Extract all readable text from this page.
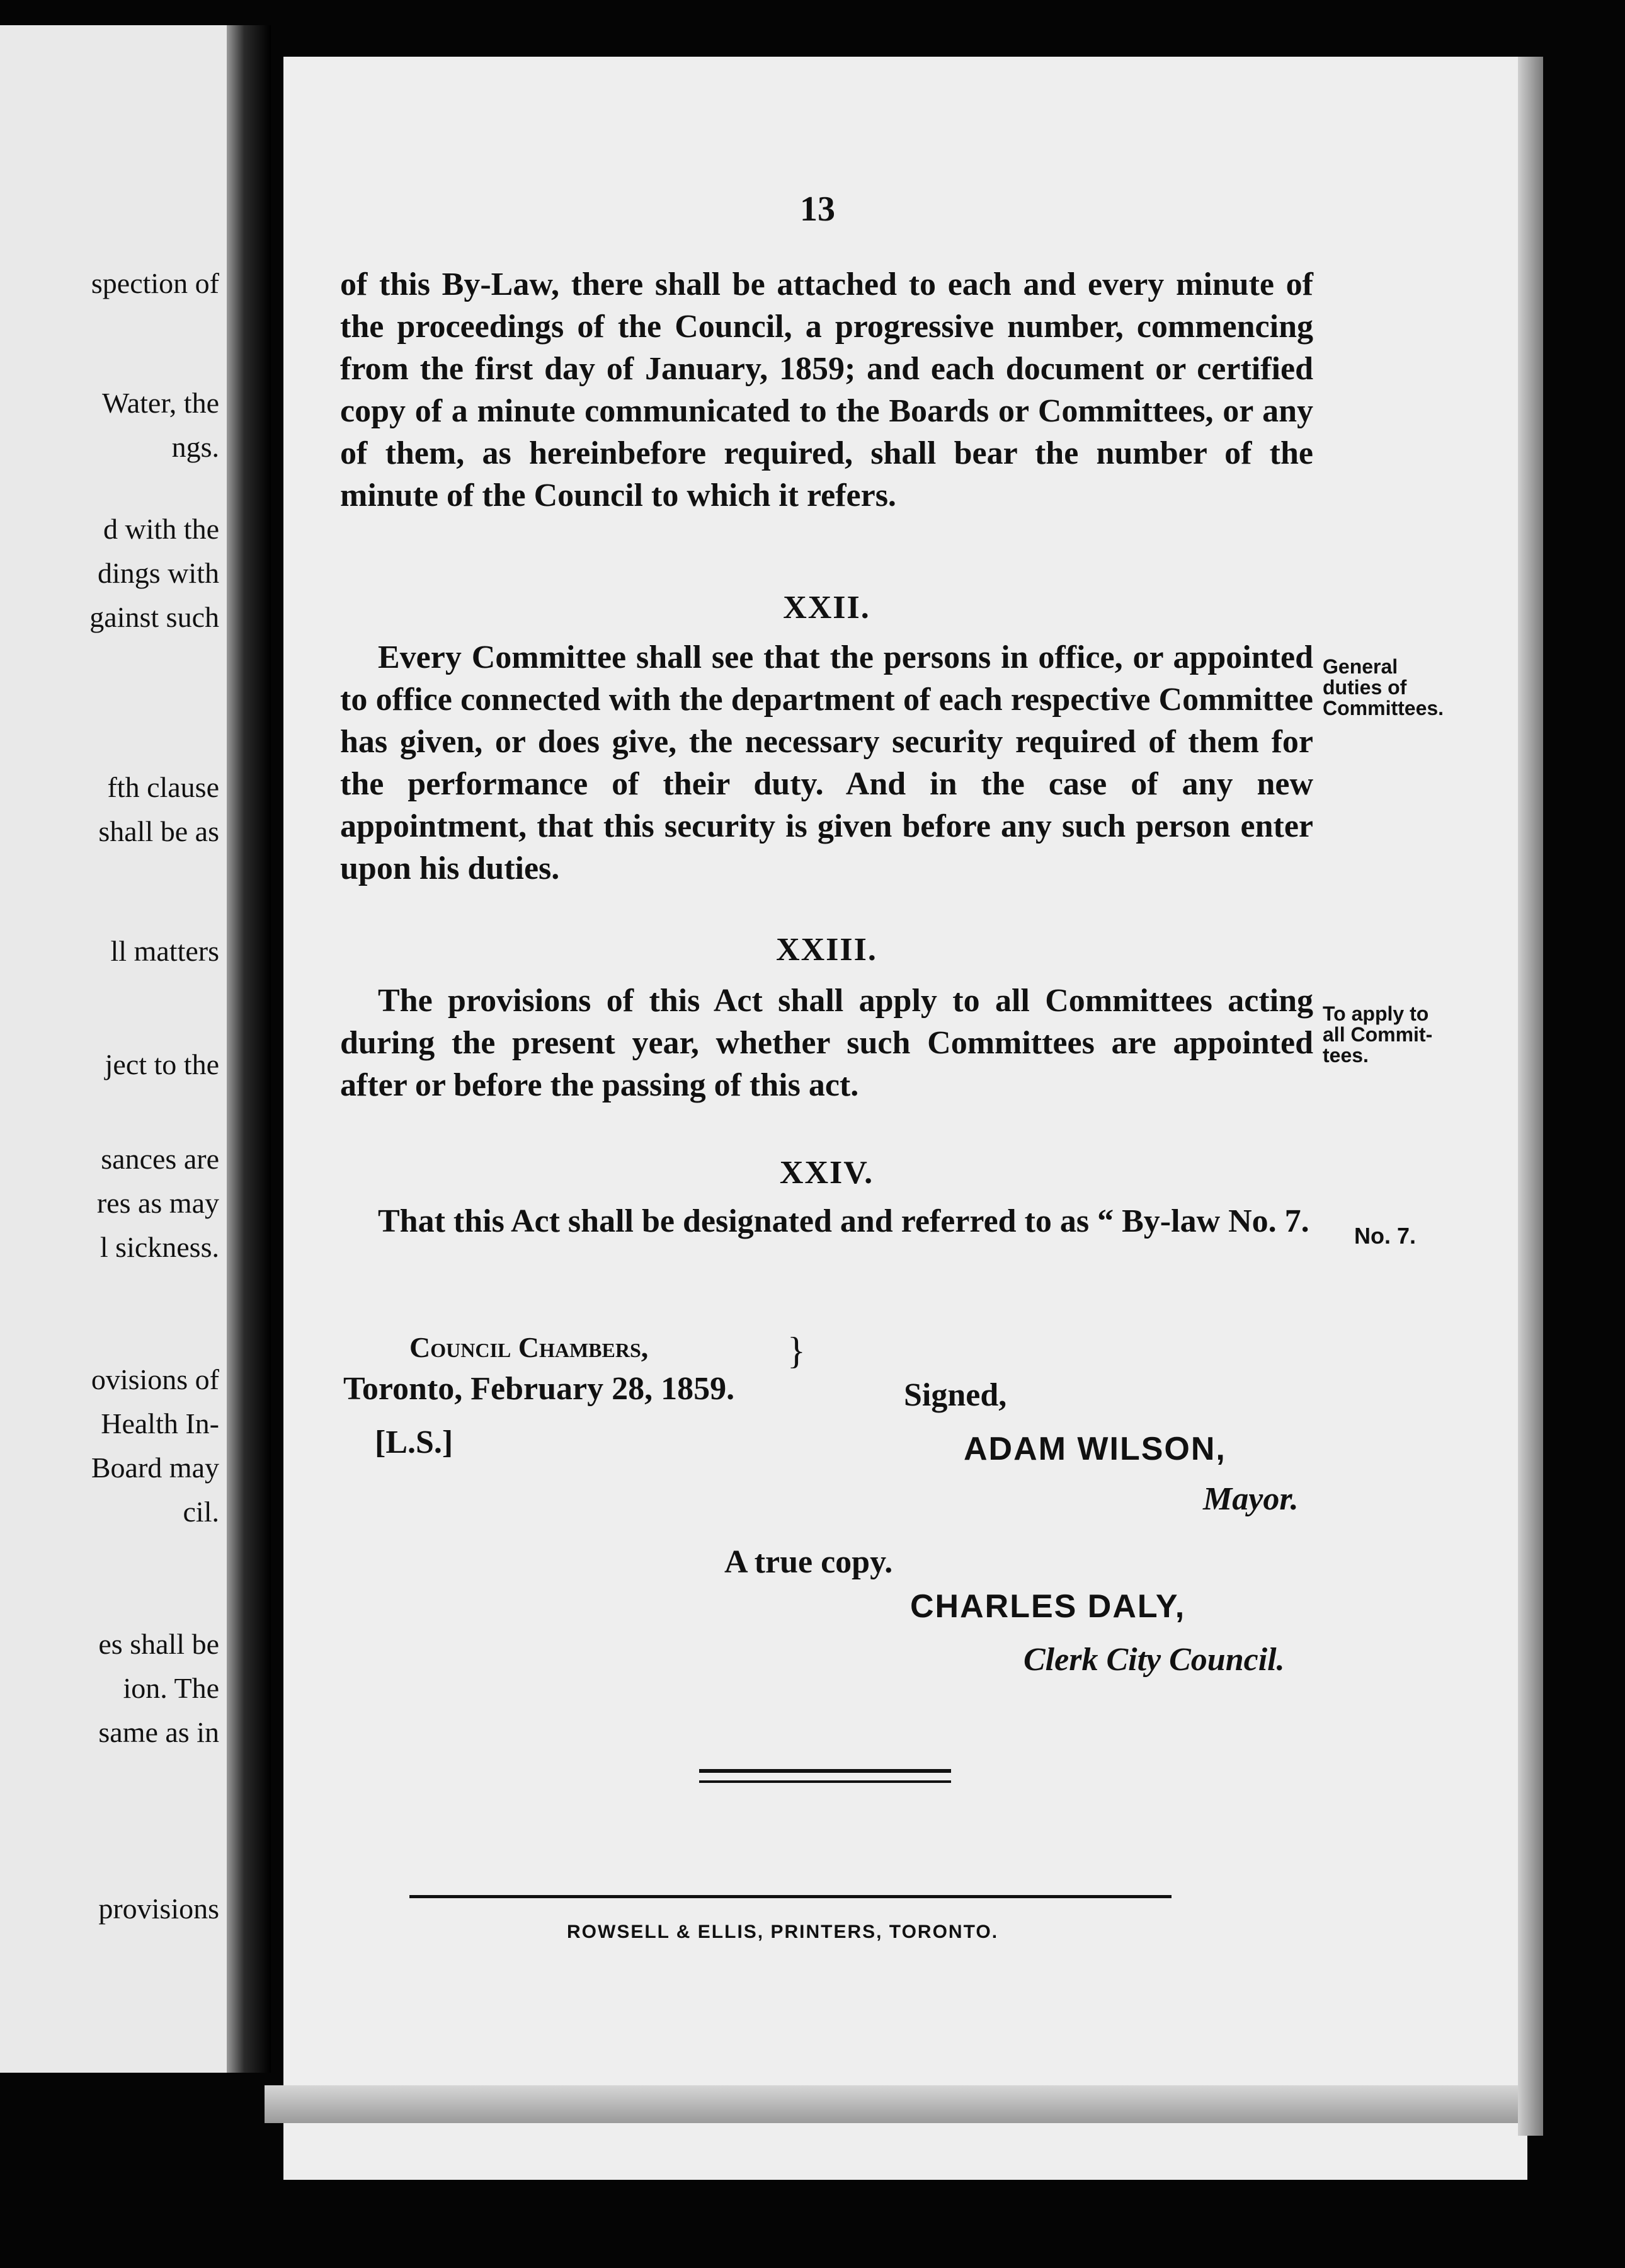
spection of
Water, the
ngs.
d with the
dings with
gainst such
fth clause
shall be as
ll matters
ject to the
sances are
res as may
l sickness.
ovisions of
Health In-
Board may
cil.
es shall be
ion. The
same as in
provisions
13

of this By-Law, there shall be attached to each and every minute of the proceedings of the Council, a progressive number, commencing from the first day of January, 1859; and each document or certified copy of a minute communicated to the Boards or Committees, or any of them, as hereinbefore required, shall bear the number of the minute of the Council to which it refers.

XXII.

Every Committee shall see that the persons in office, or appointed to office connected with the department of each respective Committee has given, or does give, the necessary security required of them for the performance of their duty. And in the case of any new appointment, that this security is given before any such person enter upon his duties.

General
duties of
Committees.
XXIII.

The provisions of this Act shall apply to all Committees acting during the present year, whether such Committees are appointed after or before the passing of this act.

To apply to
all Commit-
tees.
XXIV.

That this Act shall be designated and referred to as “ By-law No. 7. No. 7.
Council Chambers,
Toronto, February 28, 1859.
}
Signed,
[L.S.]	ADAM WILSON,
Mayor.
A true copy.
CHARLES DALY,
Clerk City Council.
ROWSELL & ELLIS, PRINTERS, TORONTO.
